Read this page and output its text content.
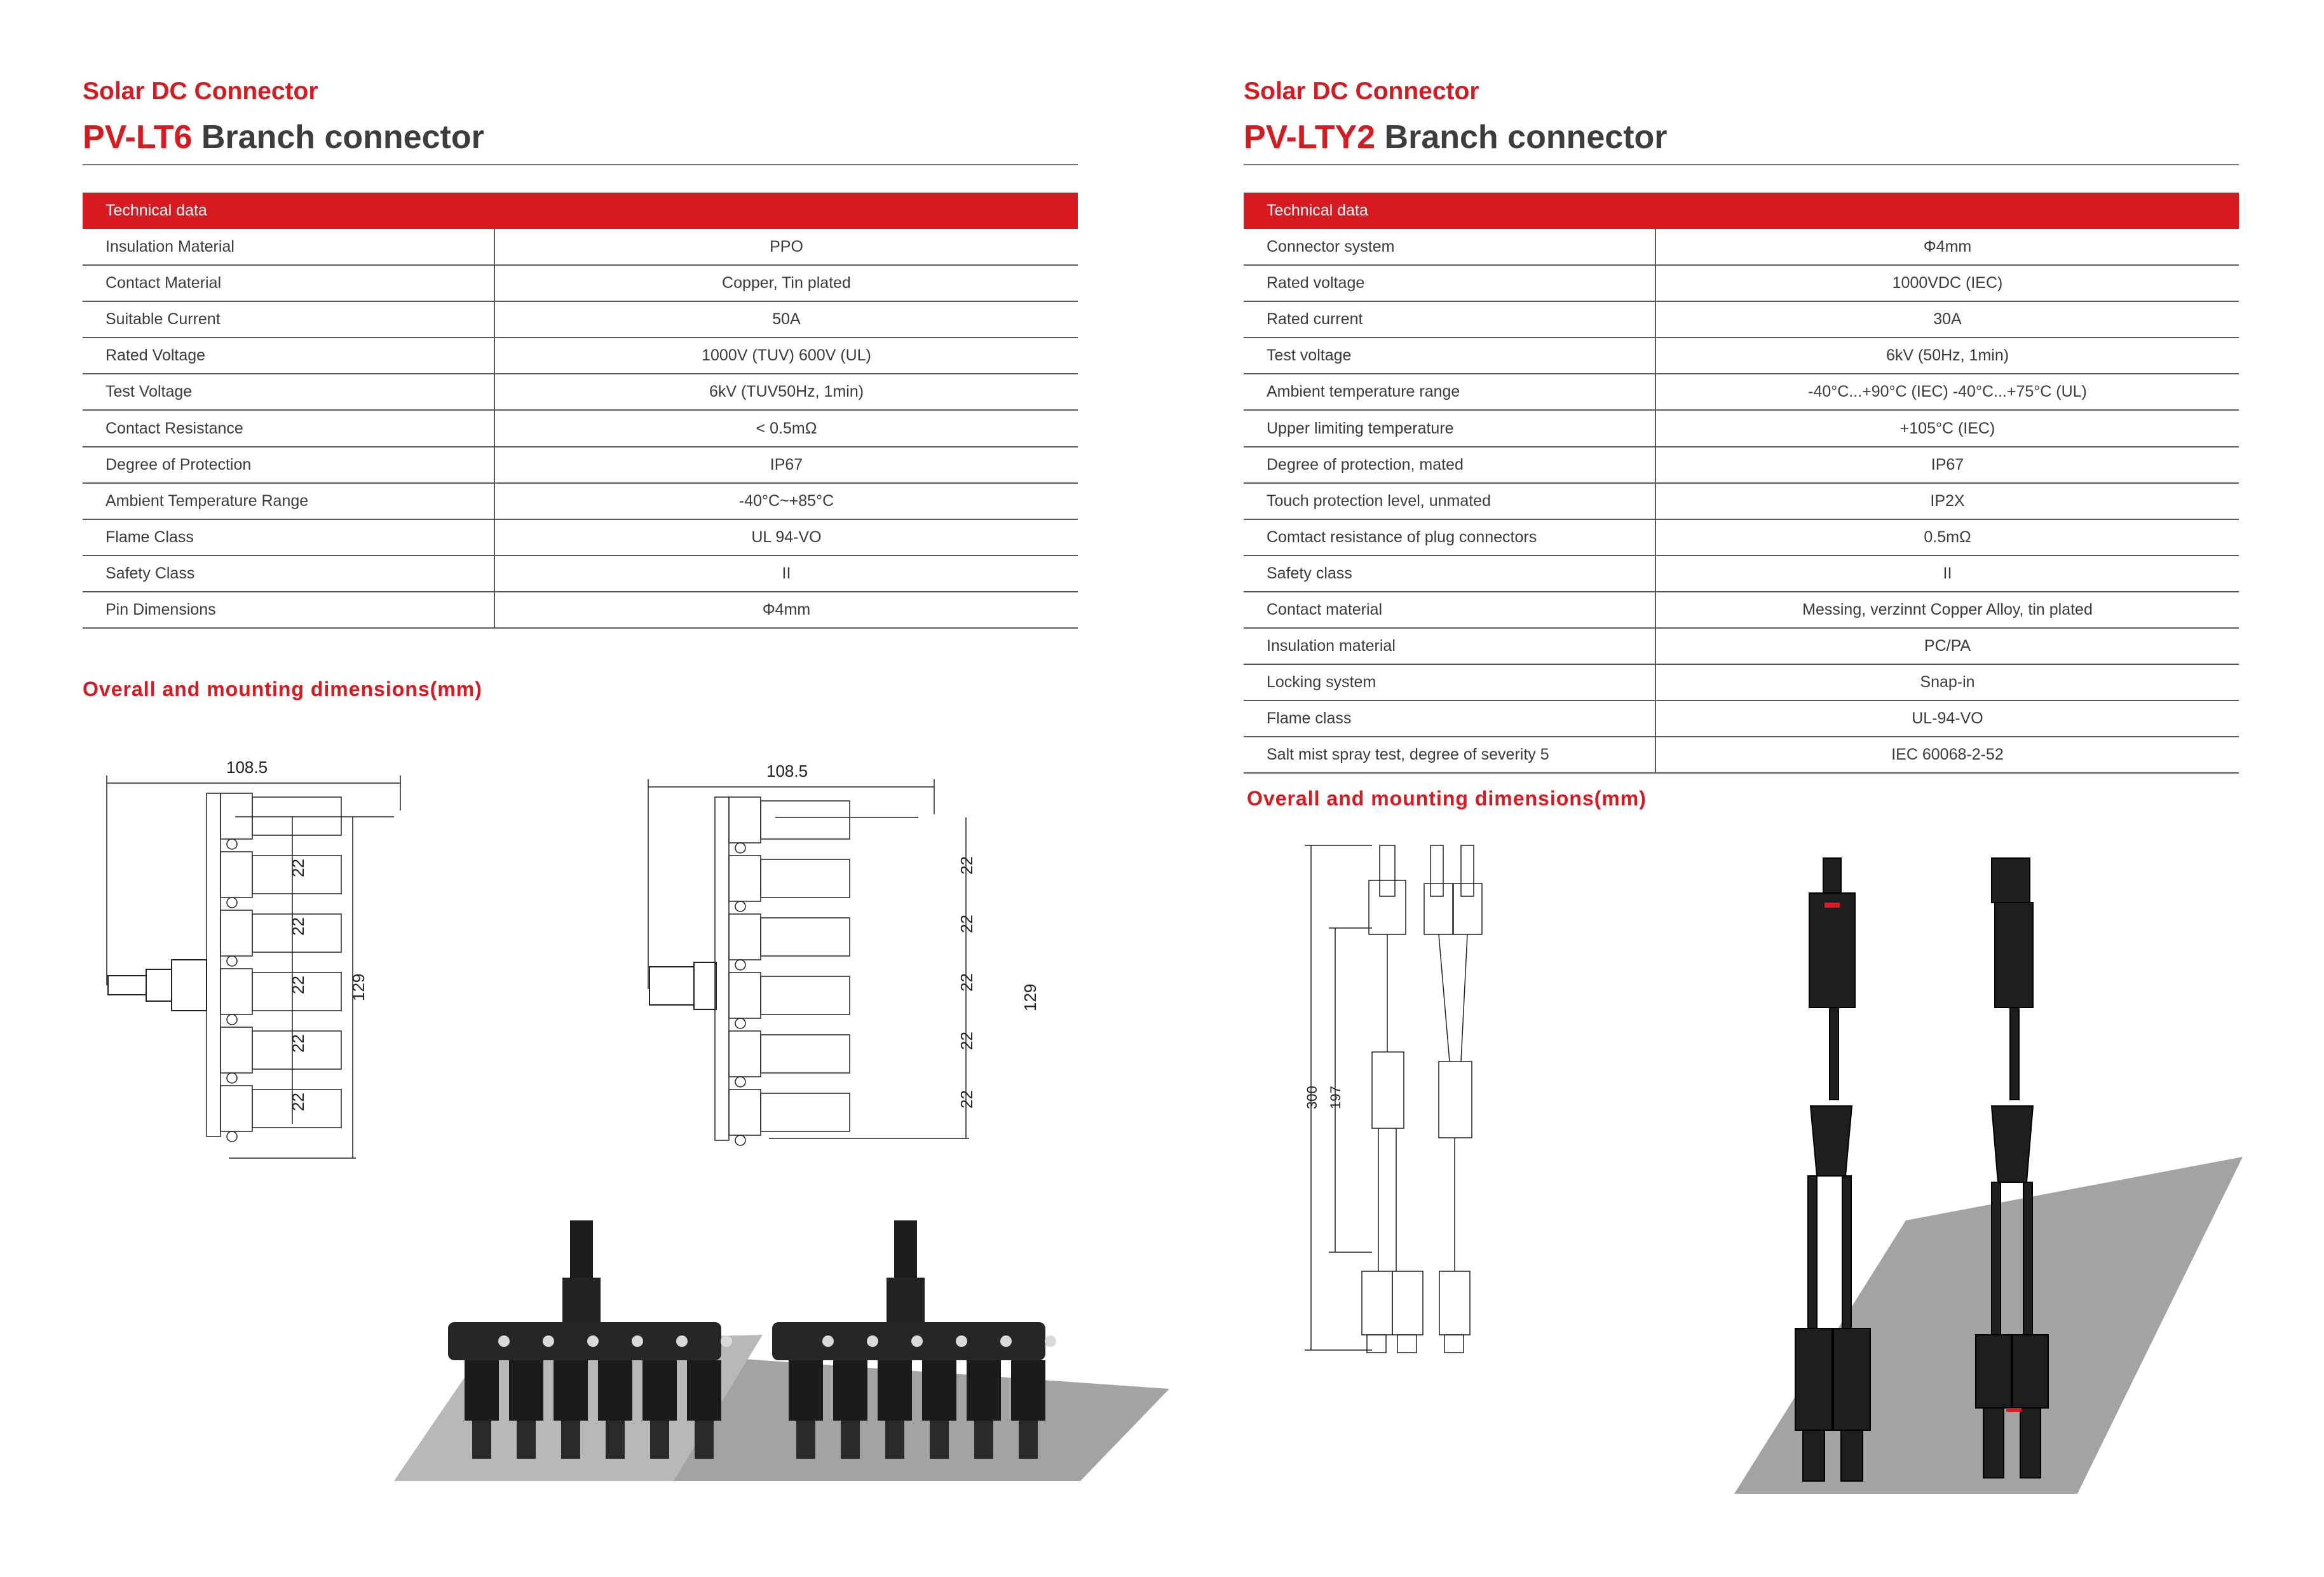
Solar DC Connector
PV-LT6 Branch connector
Technical data	
Insulation Material	PPO
Contact Material	Copper, Tin plated
Suitable Current	50A
Rated Voltage	1000V (TUV) 600V (UL)
Test Voltage	6kV (TUV50Hz, 1min)
Contact Resistance	< 0.5mΩ
Degree of Protection	IP67
Ambient Temperature Range	-40°C~+85°C
Flame Class	UL 94-VO
Safety Class	II
Pin Dimensions	Φ4mm
Overall and mounting dimensions(mm)
108.5
22
22
22
22
22
129
108.5
22
22
22
22
22
129
Solar DC Connector
PV-LTY2 Branch connector
Technical data	
Connector system	Φ4mm
Rated voltage	1000VDC (IEC)
Rated current	30A
Test voltage	6kV (50Hz, 1min)
Ambient temperature range	-40°C...+90°C (IEC) -40°C...+75°C (UL)
Upper limiting temperature	+105°C (IEC)
Degree of protection, mated	IP67
Touch protection level, unmated	IP2X
Comtact resistance of plug connectors	0.5mΩ
Safety class	II
Contact material	Messing, verzinnt Copper Alloy, tin plated
Insulation material	PC/PA
Locking system	Snap-in
Flame class	UL-94-VO
Salt mist spray test, degree of severity 5	IEC 60068-2-52
Overall and mounting dimensions(mm)
300 197
